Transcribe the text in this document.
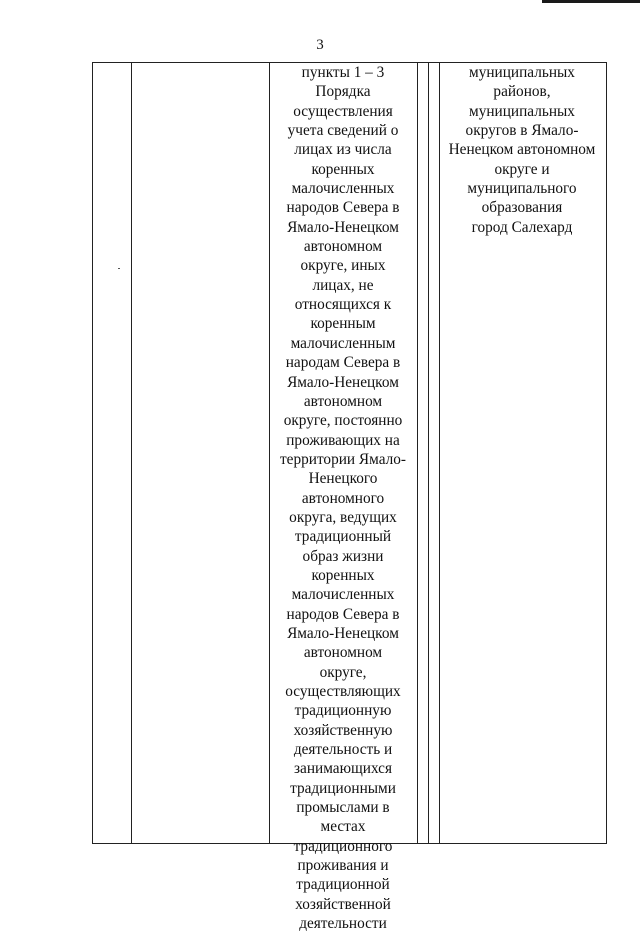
3
пункты 1 – 3
Порядка
осуществления
учета сведений о
лицах из числа
коренных
малочисленных
народов Севера в
Ямало-Ненецком
автономном
округе, иных
лицах, не
относящихся к
коренным
малочисленным
народам Севера в
Ямало-Ненецком
автономном
округе, постоянно
проживающих на
территории Ямало-
Ненецкого
автономного
округа, ведущих
традиционный
образ жизни
коренных
малочисленных
народов Севера в
Ямало-Ненецком
автономном
округе,
осуществляющих
традиционную
хозяйственную
деятельность и
занимающихся
традиционными
промыслами в
местах
традиционного
проживания и
традиционной
хозяйственной
деятельности
муниципальных
районов,
муниципальных
округов в Ямало-
Ненецком автономном
округе и
муниципального
образования
город Салехард
